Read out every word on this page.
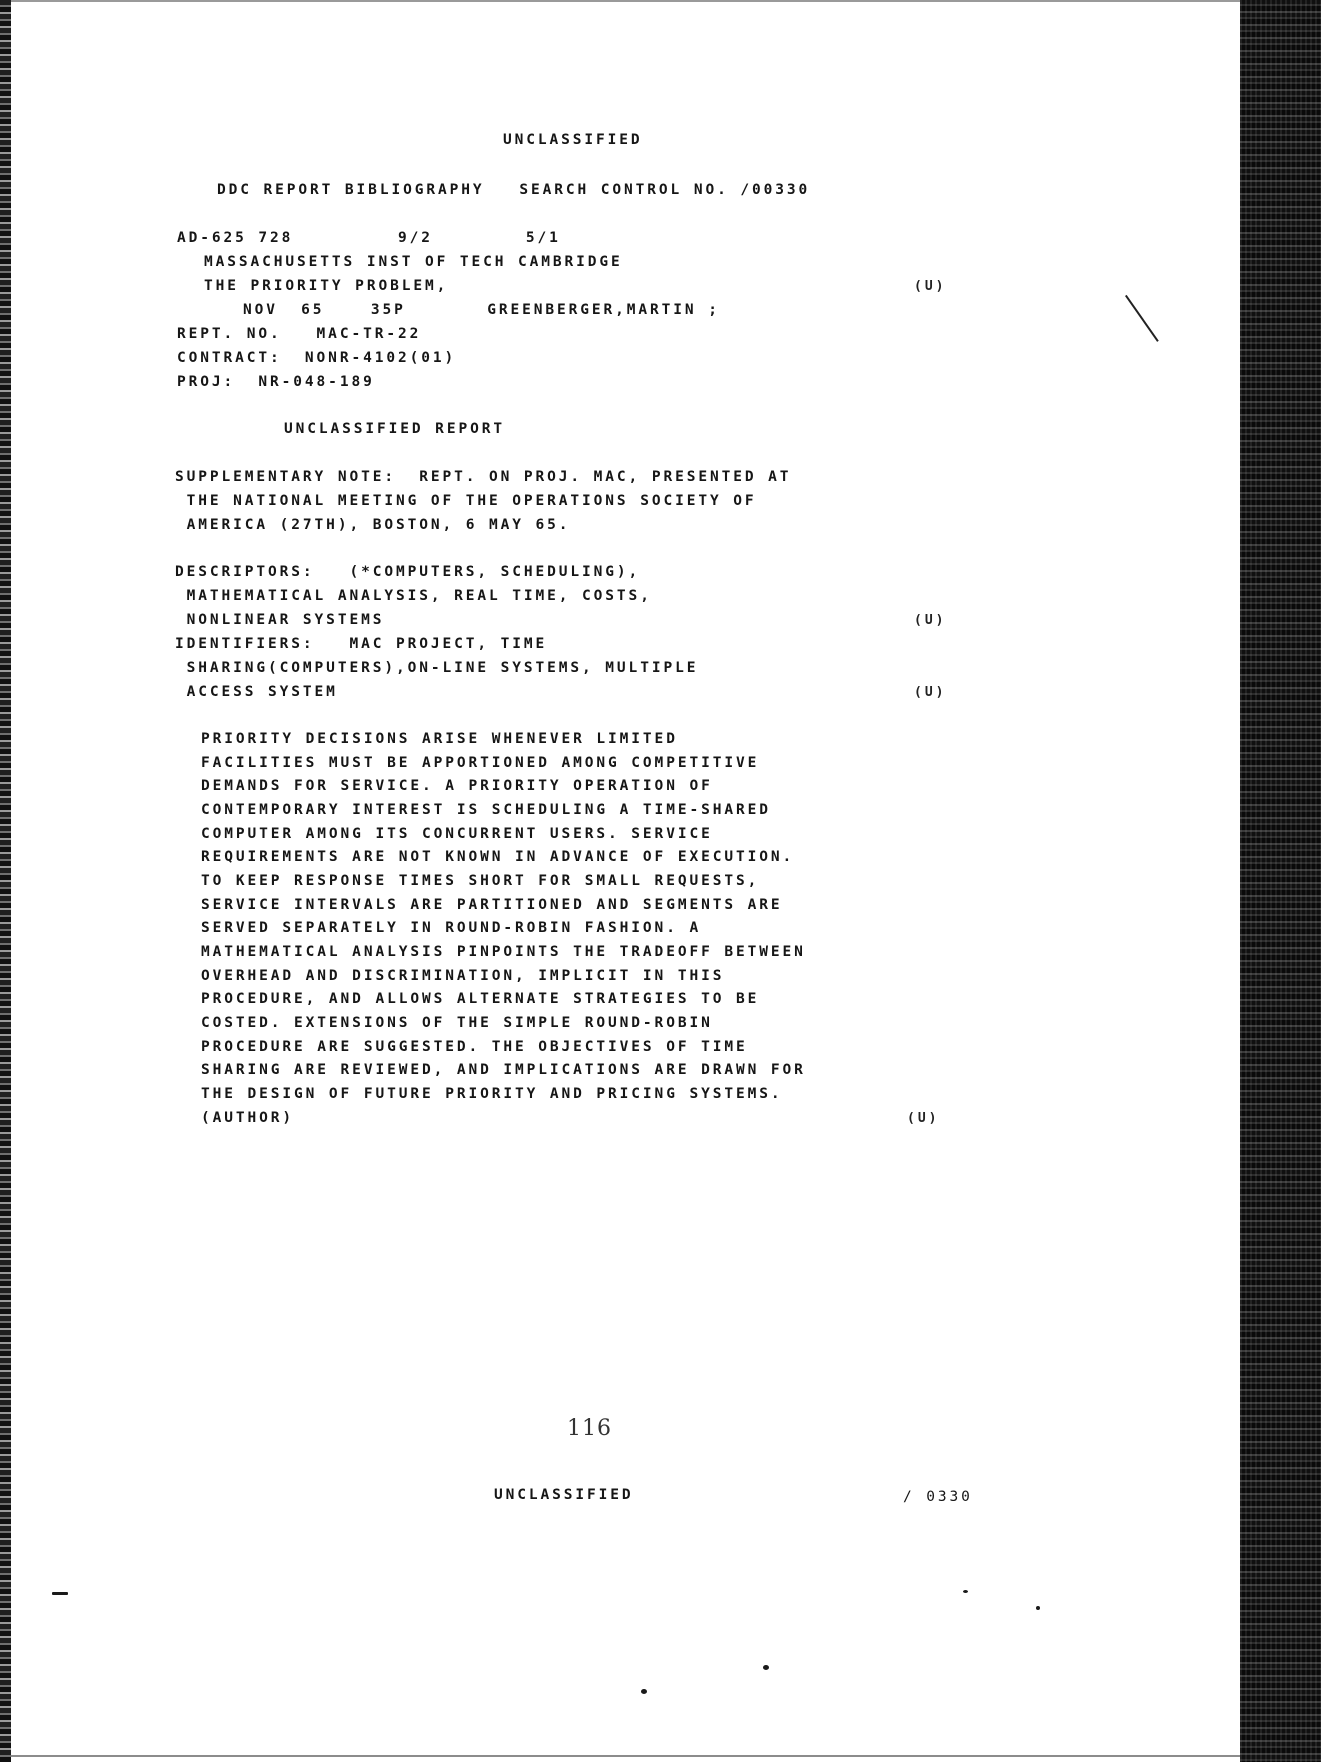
UNCLASSIFIED

DDC REPORT BIBLIOGRAPHY   SEARCH CONTROL NO. /00330

AD-625 728         9/2        5/1

MASSACHUSETTS INST OF TECH CAMBRIDGE

THE PRIORITY PROBLEM,	(U)

NOV  65    35P       GREENBERGER,MARTIN ;

REPT. NO.   MAC-TR-22

CONTRACT:  NONR-4102(01)

PROJ:  NR-048-189

UNCLASSIFIED REPORT

SUPPLEMENTARY NOTE:  REPT. ON PROJ. MAC, PRESENTED AT

THE NATIONAL MEETING OF THE OPERATIONS SOCIETY OF

AMERICA (27TH), BOSTON, 6 MAY 65.

DESCRIPTORS:   (*COMPUTERS, SCHEDULING),

MATHEMATICAL ANALYSIS, REAL TIME, COSTS,

NONLINEAR SYSTEMS	(U)

IDENTIFIERS:   MAC PROJECT, TIME

SHARING(COMPUTERS),ON-LINE SYSTEMS, MULTIPLE

ACCESS SYSTEM	(U)

PRIORITY DECISIONS ARISE WHENEVER LIMITED

FACILITIES MUST BE APPORTIONED AMONG COMPETITIVE

DEMANDS FOR SERVICE. A PRIORITY OPERATION OF

CONTEMPORARY INTEREST IS SCHEDULING A TIME-SHARED

COMPUTER AMONG ITS CONCURRENT USERS. SERVICE

REQUIREMENTS ARE NOT KNOWN IN ADVANCE OF EXECUTION.

TO KEEP RESPONSE TIMES SHORT FOR SMALL REQUESTS,

SERVICE INTERVALS ARE PARTITIONED AND SEGMENTS ARE

SERVED SEPARATELY IN ROUND-ROBIN FASHION. A

MATHEMATICAL ANALYSIS PINPOINTS THE TRADEOFF BETWEEN

OVERHEAD AND DISCRIMINATION, IMPLICIT IN THIS

PROCEDURE, AND ALLOWS ALTERNATE STRATEGIES TO BE

COSTED. EXTENSIONS OF THE SIMPLE ROUND-ROBIN

PROCEDURE ARE SUGGESTED. THE OBJECTIVES OF TIME

SHARING ARE REVIEWED, AND IMPLICATIONS ARE DRAWN FOR

THE DESIGN OF FUTURE PRIORITY AND PRICING SYSTEMS.

(AUTHOR)	(U)

116

UNCLASSIFIED	/ 0330
